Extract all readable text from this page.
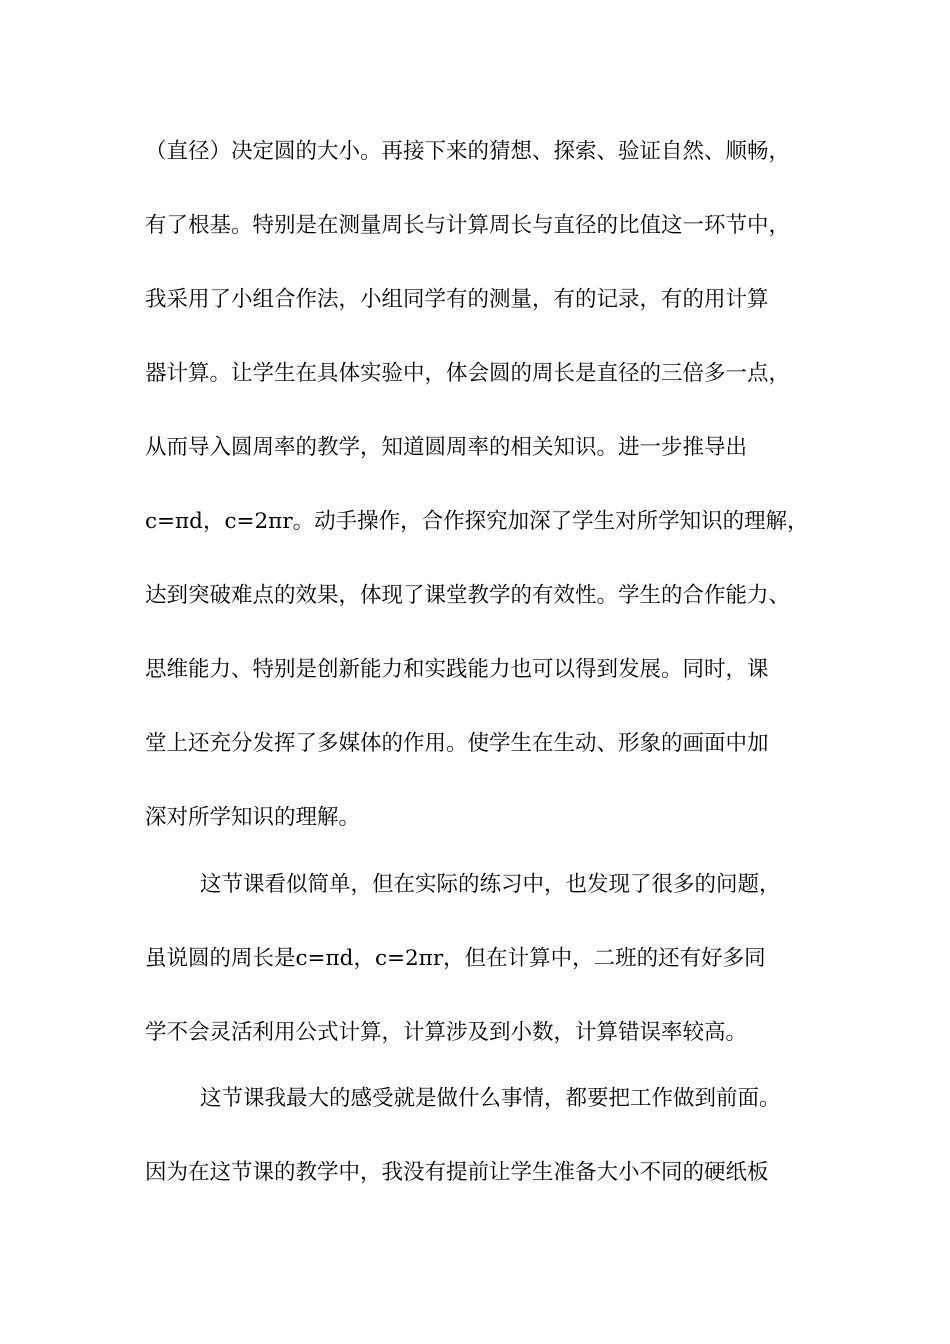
（直径）决定圆的大小。再接下来的猜想、探索、验证自然、顺畅，
有了根基。特别是在测量周长与计算周长与直径的比值这一环节中，
我采用了小组合作法，小组同学有的测量，有的记录，有的用计算
器计算。让学生在具体实验中，体会圆的周长是直径的三倍多一点，
从而导入圆周率的教学，知道圆周率的相关知识。进一步推导出
c=πd，c=2πr。动手操作，合作探究加深了学生对所学知识的理解，
达到突破难点的效果，体现了课堂教学的有效性。学生的合作能力、
思维能力、特别是创新能力和实践能力也可以得到发展。同时，课
堂上还充分发挥了多媒体的作用。使学生在生动、形象的画面中加
深对所学知识的理解。
这节课看似简单，但在实际的练习中，也发现了很多的问题，
虽说圆的周长是c=πd，c=2πr，但在计算中，二班的还有好多同
学不会灵活利用公式计算，计算涉及到小数，计算错误率较高。
这节课我最大的感受就是做什么事情，都要把工作做到前面。
因为在这节课的教学中，我没有提前让学生准备大小不同的硬纸板
